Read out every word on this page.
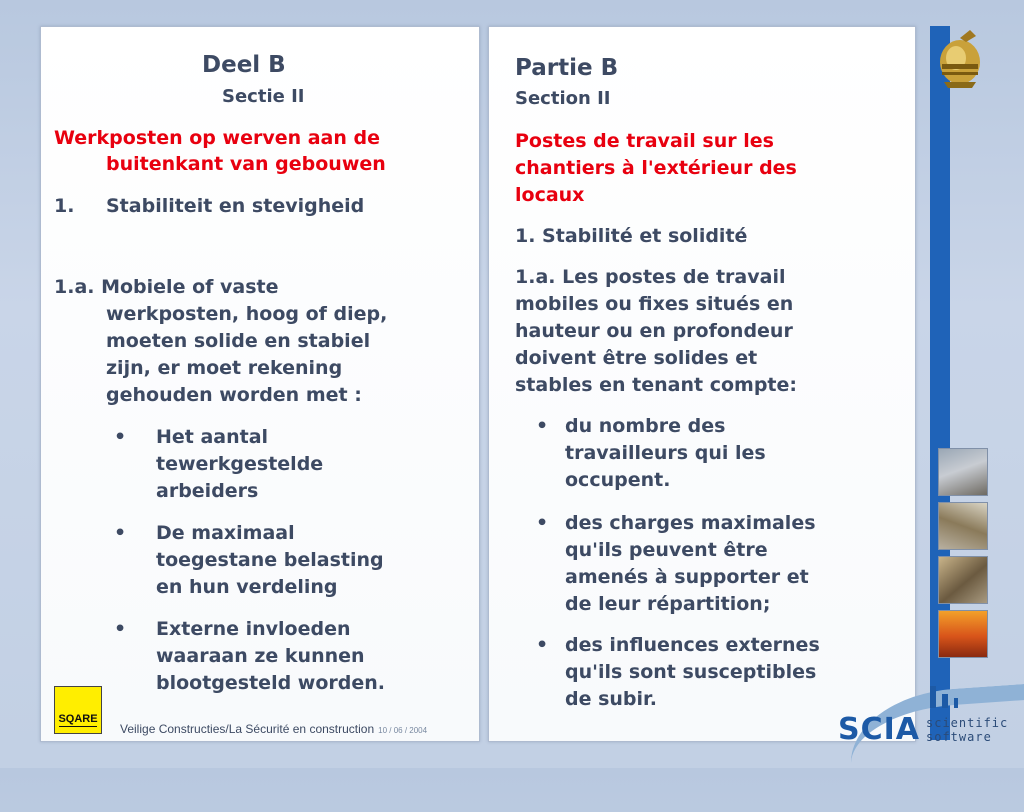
Deel B
Sectie II
Werkposten op werven aan de
buitenkant van gebouwen
1. Stabiliteit en stevigheid
1.a. Mobiele of vaste
werkposten, hoog of diep,
moeten solide en stabiel
zijn, er moet rekening
gehouden worden met :
• Het aantal
tewerkgestelde
arbeiders
• De maximaal
toegestane belasting
en hun verdeling
• Externe invloeden
waaraan ze kunnen
blootgesteld worden.
Partie B
Section II
Postes de travail sur les
chantiers à l'extérieur des
locaux
1. Stabilité et solidité
1.a. Les postes de travail
mobiles ou fixes situés en
hauteur ou en profondeur
doivent être solides et
stables en tenant compte:
• du nombre des
travailleurs qui les
occupent.
• des charges maximales
qu'ils peuvent être
amenés à supporter et
de leur répartition;
• des influences externes
qu'ils sont susceptibles
de subir.
SCIA scientific
software
SQARE
Veilige Constructies/La Sécurité en construction 10 / 06 / 2004
